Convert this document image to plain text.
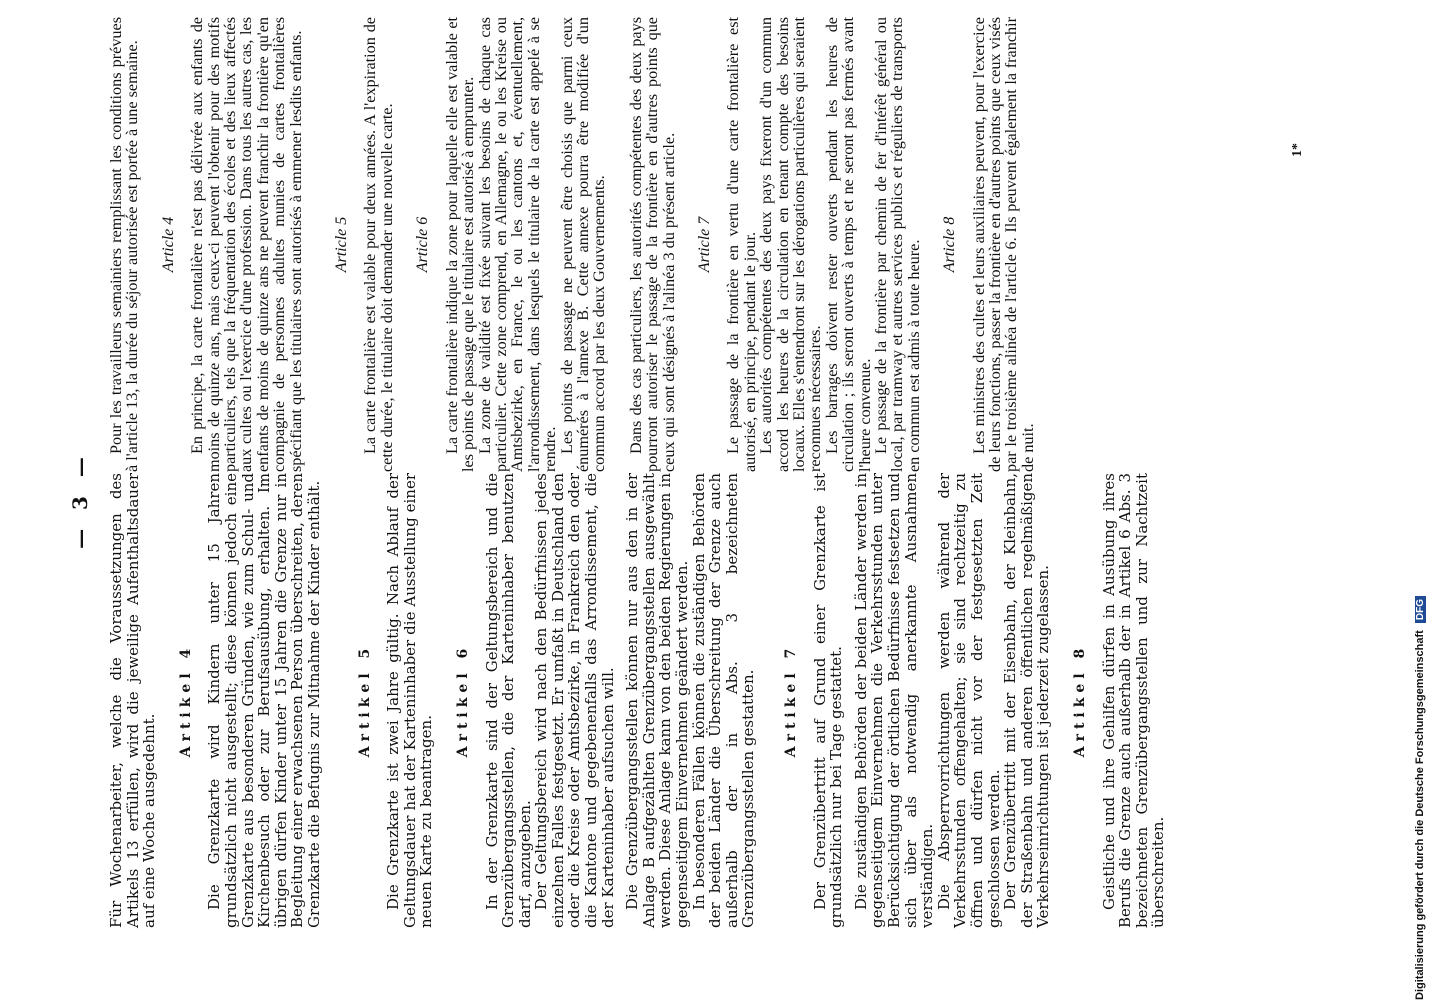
— 3 — Für Wochenarbeiter, welche die Voraussetzungen des Artikels 13 erfüllen, wird die jeweilige Aufenthaltsdauer auf eine Woche ausgedehnt.

Artikel 4 Die Grenzkarte wird Kindern unter 15 Jahren grundsätzlich nicht ausgestellt; diese können jedoch eine Grenzkarte aus besonderen Gründen, wie zum Schul- und Kirchenbesuch oder zur Berufsausübung, erhalten. Im übrigen dürfen Kinder unter 15 Jahren die Grenze nur in Begleitung einer erwachsenen Person überschreiten, deren Grenzkarte die Befugnis zur Mitnahme der Kinder enthält. Artikel 5 Die Grenzkarte ist zwei Jahre gültig. Nach Ablauf der Geltungsdauer hat der Karteninhaber die Ausstellung einer neuen Karte zu beantragen.

Artikel 6 In der Grenzkarte sind der Geltungsbereich und die Grenzübergangsstellen, die der Karteninhaber benutzen darf, anzugeben.

Der Geltungsbereich wird nach den Bedürfnissen jedes einzelnen Falles festgesetzt. Er umfaßt in Deutschland den oder die Kreise oder Amtsbezirke, in Frankreich den oder die Kantone und gegebenenfalls das Arrondissement, die der Karteninhaber aufsuchen will. Die Grenzübergangsstellen können nur aus den in der Anlage B aufgezählten Grenzübergangsstellen ausgewählt werden. Diese Anlage kann von den beiden Regierungen in gegenseitigem Einvernehmen geändert werden.

In besonderen Fällen können die zuständigen Behörden der beiden Länder die Überschreitung der Grenze auch außerhalb der in Abs. 3 bezeichneten Grenzübergangsstellen gestatten. Artikel 7 Der Grenzübertritt auf Grund einer Grenzkarte ist grundsätzlich nur bei Tage gestattet. Die zuständigen Behörden der beiden Länder werden in gegenseitigem Einvernehmen die Verkehrsstunden unter Berücksichtigung der örtlichen Bedürfnisse festsetzen und sich über als notwendig anerkannte Ausnahmen verständigen.

Die Absperrvorrichtungen werden während der Verkehrsstunden offengehalten; sie sind rechtzeitig zu öffnen und dürfen nicht vor der festgesetzten Zeit geschlossen werden.

Der Grenzübertritt mit der Eisenbahn, der Kleinbahn, der Straßenbahn und anderen öffentlichen regelmäßigen Verkehrseinrichtungen ist jederzeit zugelassen. Artikel 8 Geistliche und ihre Gehilfen dürfen in Ausübung ihres Berufs die Grenze auch außerhalb der in Artikel 6 Abs. 3 bezeichneten Grenzübergangsstellen und zur Nachtzeit überschreiten.

Pour les travailleurs semainiers remplissant les conditions prévues à l'article 13, la durée du séjour autorisée est portée à une semaine. Article 4 En principe, la carte frontalière n'est pas délivrée aux enfants de moins de quinze ans, mais ceux-ci peuvent l'obtenir pour des motifs particuliers, tels que la fréquentation des écoles et des lieux affectés aux cultes ou l'exercice d'une profession. Dans tous les autres cas, les enfants de moins de quinze ans ne peuvent franchir la frontière qu'en compagnie de personnes adultes munies de cartes frontalières spécifiant que les titulaires sont autorisés à emmener lesdits enfants. Article 5 La carte frontalière est valable pour deux années. A l'expiration de cette durée, le titulaire doit demander une nouvelle carte. Article 6 La carte frontalière indique la zone pour laquelle elle est valable et les points de passage que le titulaire est autorisé à emprunter.

La zone de validité est fixée suivant les besoins de chaque cas particulier. Cette zone comprend, en Allemagne, le ou les Kreise ou Amtsbezirke, en France, le ou les cantons et, éventuellement, l'arrondissement, dans lesquels le titulaire de la carte est appelé à se rendre.

Les points de passage ne peuvent être choisis que parmi ceux énumérés à l'annexe B. Cette annexe pourra être modifiée d'un commun accord par les deux Gouvernements. Dans des cas particuliers, les autorités compétentes des deux pays pourront autoriser le passage de la frontière en d'autres points que ceux qui sont désignés à l'alinéa 3 du présent article. Article 7 Le passage de la frontière en vertu d'une carte frontalière est autorisé, en principe, pendant le jour.

Les autorités compétentes des deux pays fixeront d'un commun accord les heures de la circulation en tenant compte des besoins locaux. Elles s'entendront sur les dérogations particulières qui seraient reconnues nécessaires.

Les barrages doivent rester ouverts pendant les heures de circulation ; ils seront ouverts à temps et ne seront pas fermés avant l'heure convenue.

Le passage de la frontière par chemin de fer d'intérêt général ou local, par tramway et autres services publics et réguliers de transports en commun est admis à toute heure. Article 8 Les ministres des cultes et leurs auxiliaires peuvent, pour l'exercice de leurs fonctions, passer la frontière en d'autres points que ceux visés par le troisième alinéa de l'article 6. Ils peuvent également la franchir de nuit.

1*
Digitalisierung gefördert durch die Deutsche Forschungsgemeinschaft DFG
